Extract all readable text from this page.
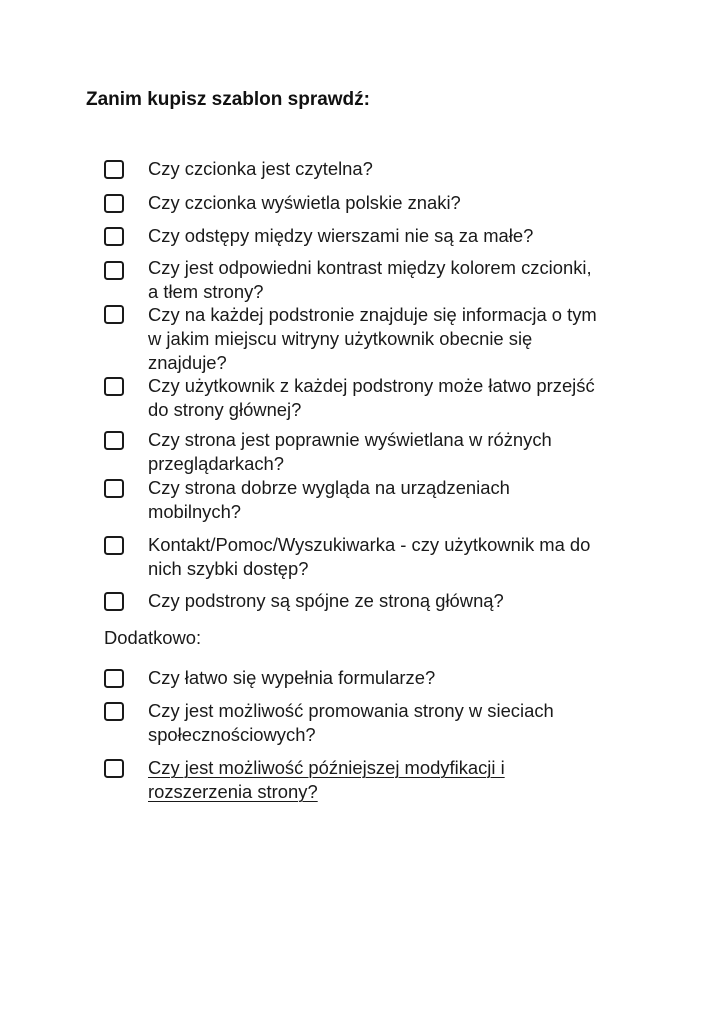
Zanim kupisz szablon sprawdź:
Czy czcionka jest czytelna?
Czy czcionka wyświetla polskie znaki?
Czy odstępy między wierszami nie są za małe?
Czy jest odpowiedni kontrast między kolorem czcionki, a tłem strony?
Czy na każdej podstronie znajduje się informacja o tym w jakim miejscu witryny użytkownik obecnie się znajduje?
Czy użytkownik z każdej podstrony może łatwo przejść do strony głównej?
Czy strona jest poprawnie wyświetlana w różnych przeglądarkach?
Czy strona dobrze wygląda na urządzeniach mobilnych?
Kontakt/Pomoc/Wyszukiwarka - czy użytkownik ma do nich szybki dostęp?
Czy podstrony są spójne ze stroną główną?
Dodatkowo:
Czy łatwo się wypełnia formularze?
Czy jest możliwość promowania strony w sieciach społecznościowych?
Czy jest możliwość późniejszej modyfikacji i rozszerzenia strony?
